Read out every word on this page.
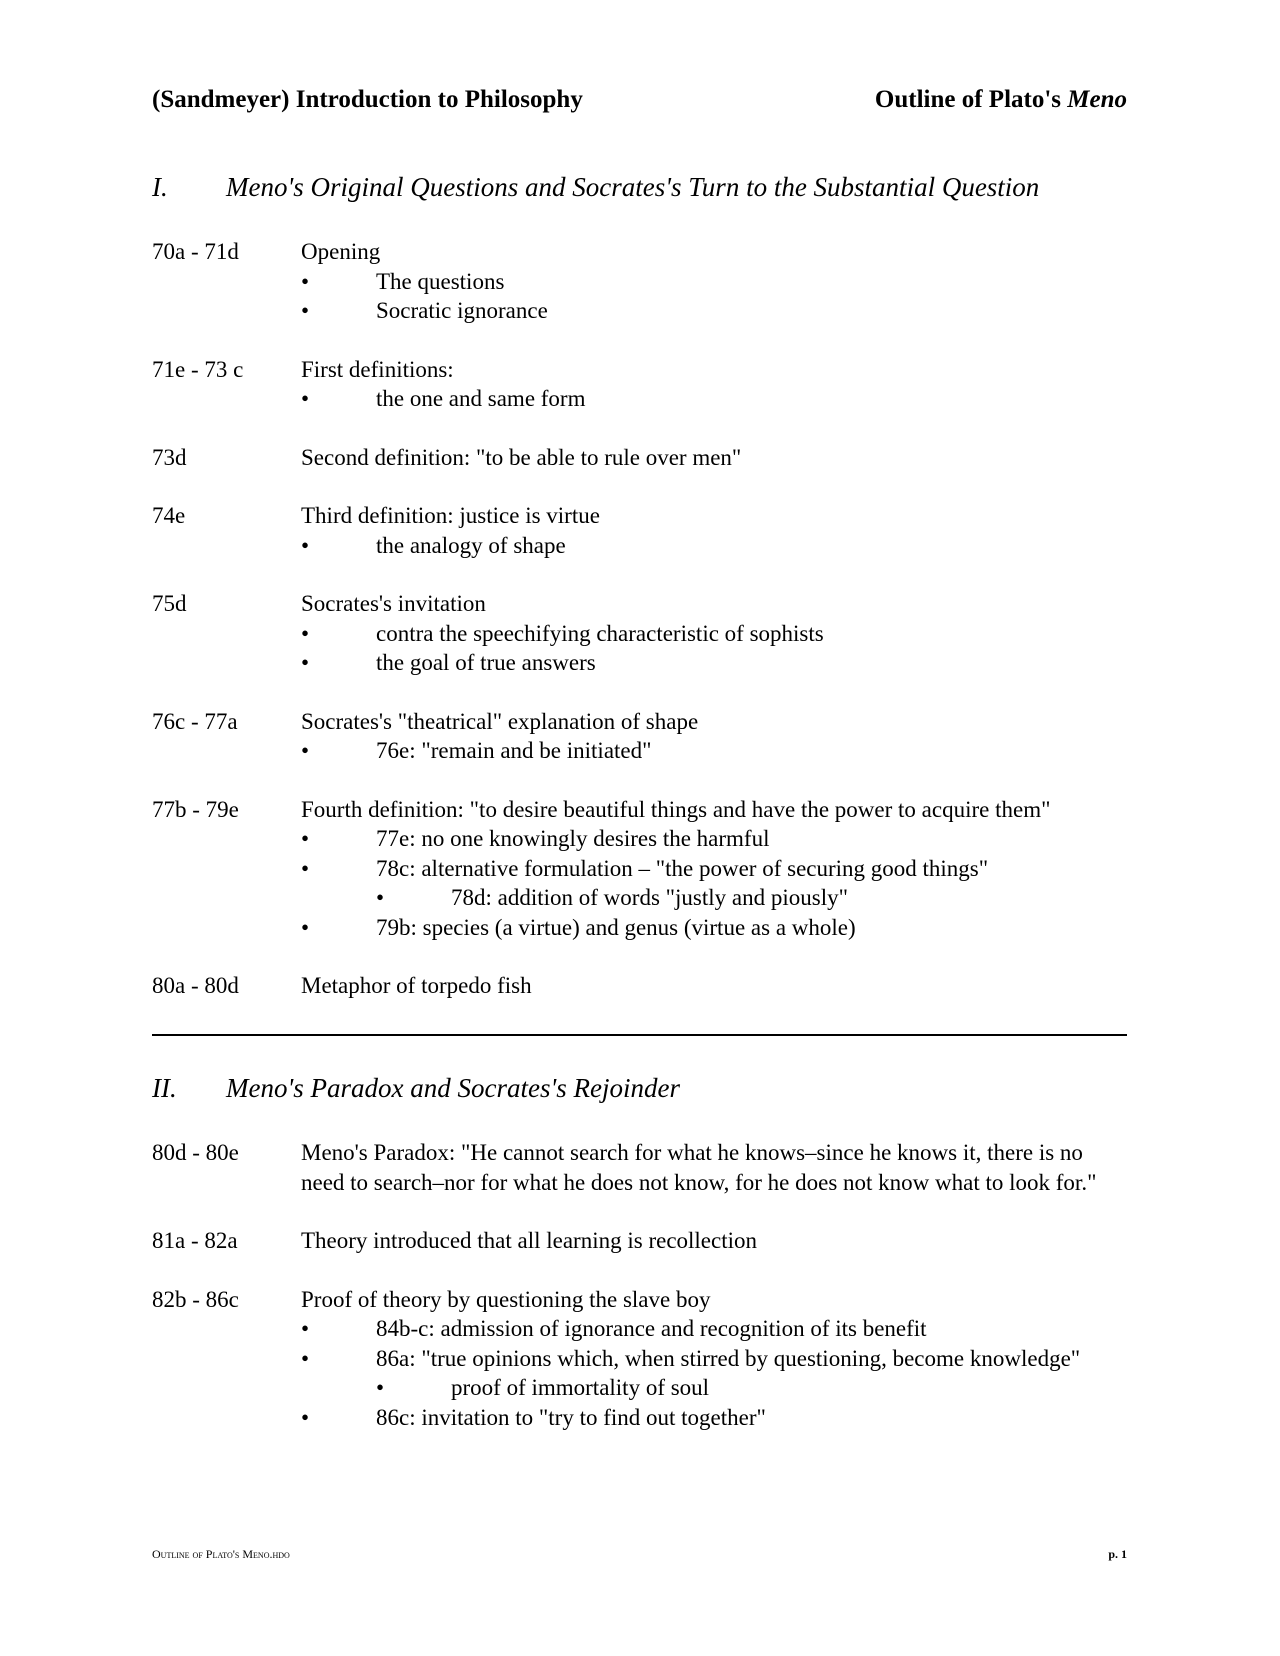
(Sandmeyer) Introduction to Philosophy	Outline of Plato's Meno
I. Meno's Original Questions and Socrates's Turn to the Substantial Question
70a - 71d	Opening
•	The questions
•	Socratic ignorance
71e - 73 c	First definitions:
•	the one and same form
73d	Second definition: "to be able to rule over men"
74e	Third definition: justice is virtue
•	the analogy of shape
75d	Socrates's invitation
•	contra the speechifying characteristic of sophists
•	the goal of true answers
76c - 77a	Socrates's "theatrical" explanation of shape
•	76e: "remain and be initiated"
77b - 79e	Fourth definition: "to desire beautiful things and have the power to acquire them"
•	77e: no one knowingly desires the harmful
•	78c: alternative formulation – "the power of securing good things"
•	78d: addition of words "justly and piously"
•	79b: species (a virtue) and genus (virtue as a whole)
80a - 80d	Metaphor of torpedo fish
II. Meno's Paradox and Socrates's Rejoinder
80d - 80e	Meno's Paradox: "He cannot search for what he knows–since he knows it, there is no need to search–nor for what he does not know, for he does not know what to look for."
81a - 82a	Theory introduced that all learning is recollection
82b - 86c	Proof of theory by questioning the slave boy
•	84b-c: admission of ignorance and recognition of its benefit
•	86a: "true opinions which, when stirred by questioning, become knowledge"
•	proof of immortality of soul
•	86c: invitation to "try to find out together"
Outline of Plato's Meno.hdo	p. 1
